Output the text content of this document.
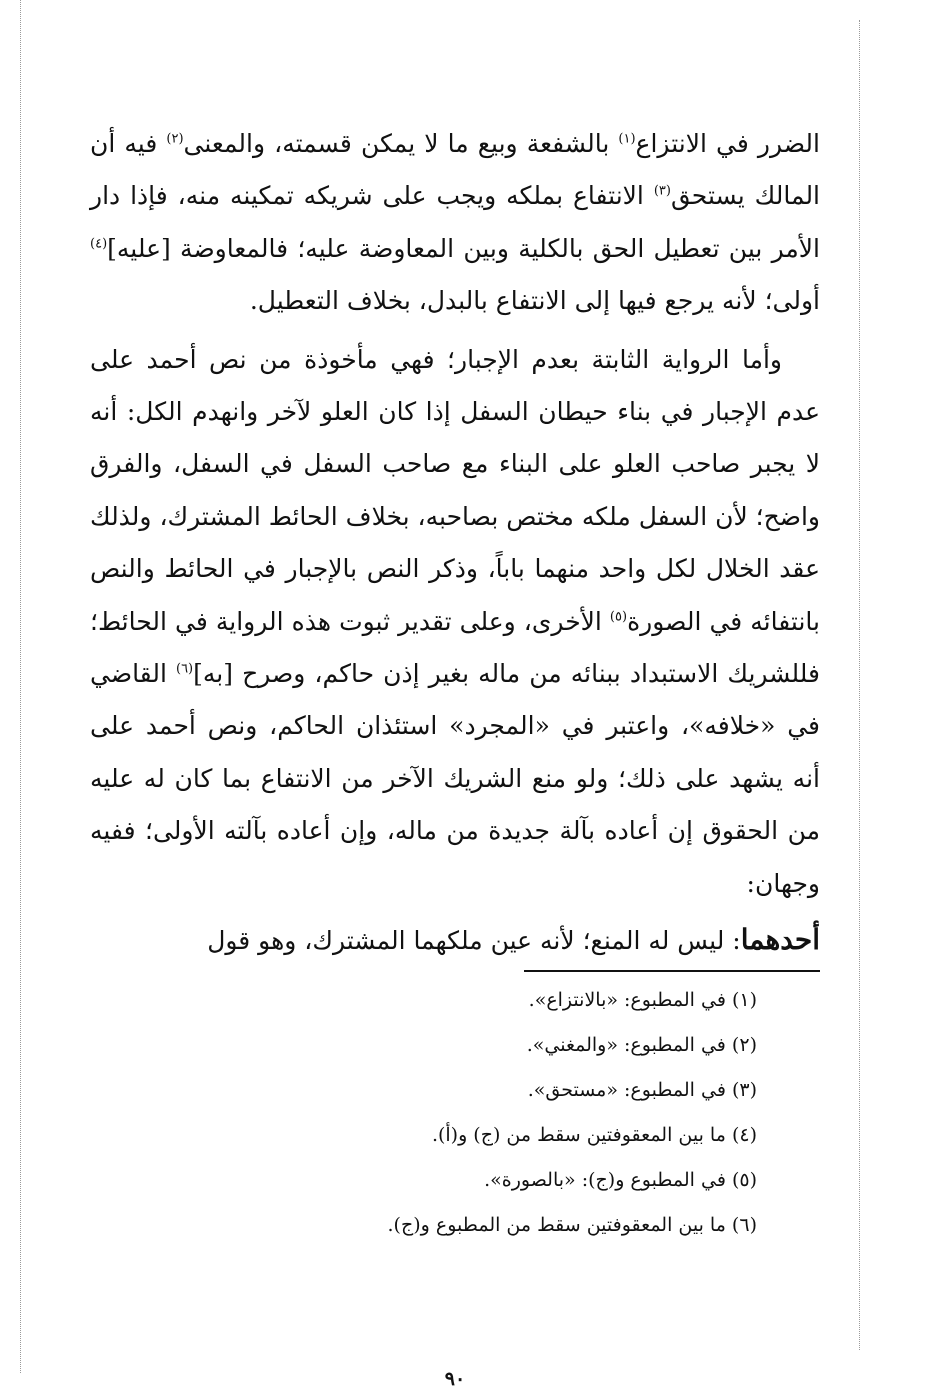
الضرر في الانتزاع$^{(١)}$ بالشفعة وبيع ما لا يمكن قسمته، والمعنى$^{(٢)}$ فيه أن المالك يستحق$^{(٣)}$ الانتفاع بملكه ويجب على شريكه تمكينه منه، فإذا دار الأمر بين تعطيل الحق بالكلية وبين المعاوضة عليه؛ فالمعاوضة [عليه]$^{(٤)}$ أولى؛ لأنه يرجع فيها إلى الانتفاع بالبدل، بخلاف التعطيل.

وأما الرواية الثابتة بعدم الإجبار؛ فهي مأخوذة من نص أحمد على عدم الإجبار في بناء حيطان السفل إذا كان العلو لآخر وانهدم الكل: أنه لا يجبر صاحب العلو على البناء مع صاحب السفل في السفل، والفرق واضح؛ لأن السفل ملكه مختص بصاحبه، بخلاف الحائط المشترك، ولذلك عقد الخلال لكل واحد منهما باباً، وذكر النص بالإجبار في الحائط والنص بانتفائه في الصورة$^{(٥)}$ الأخرى، وعلى تقدير ثبوت هذه الرواية في الحائط؛ فللشريك الاستبداد ببنائه من ماله بغير إذن حاكم، وصرح [به]$^{(٦)}$ القاضي في «خلافه»، واعتبر في «المجرد» استئذان الحاكم، ونص أحمد على أنه يشهد على ذلك؛ ولو منع الشريك الآخر من الانتفاع بما كان له عليه من الحقوق إن أعاده بآلة جديدة من ماله، وإن أعاده بآلته الأولى؛ ففيه وجهان:

أحدهما: ليس له المنع؛ لأنه عين ملكهما المشترك، وهو قول

(١) في المطبوع: «بالانتزاع».
(٢) في المطبوع: «والمغني».
(٣) في المطبوع: «مستحق».
(٤) ما بين المعقوفتين سقط من (ج) و(أ).
(٥) في المطبوع و(ج): «بالصورة».
(٦) ما بين المعقوفتين سقط من المطبوع و(ج).
٩٠
